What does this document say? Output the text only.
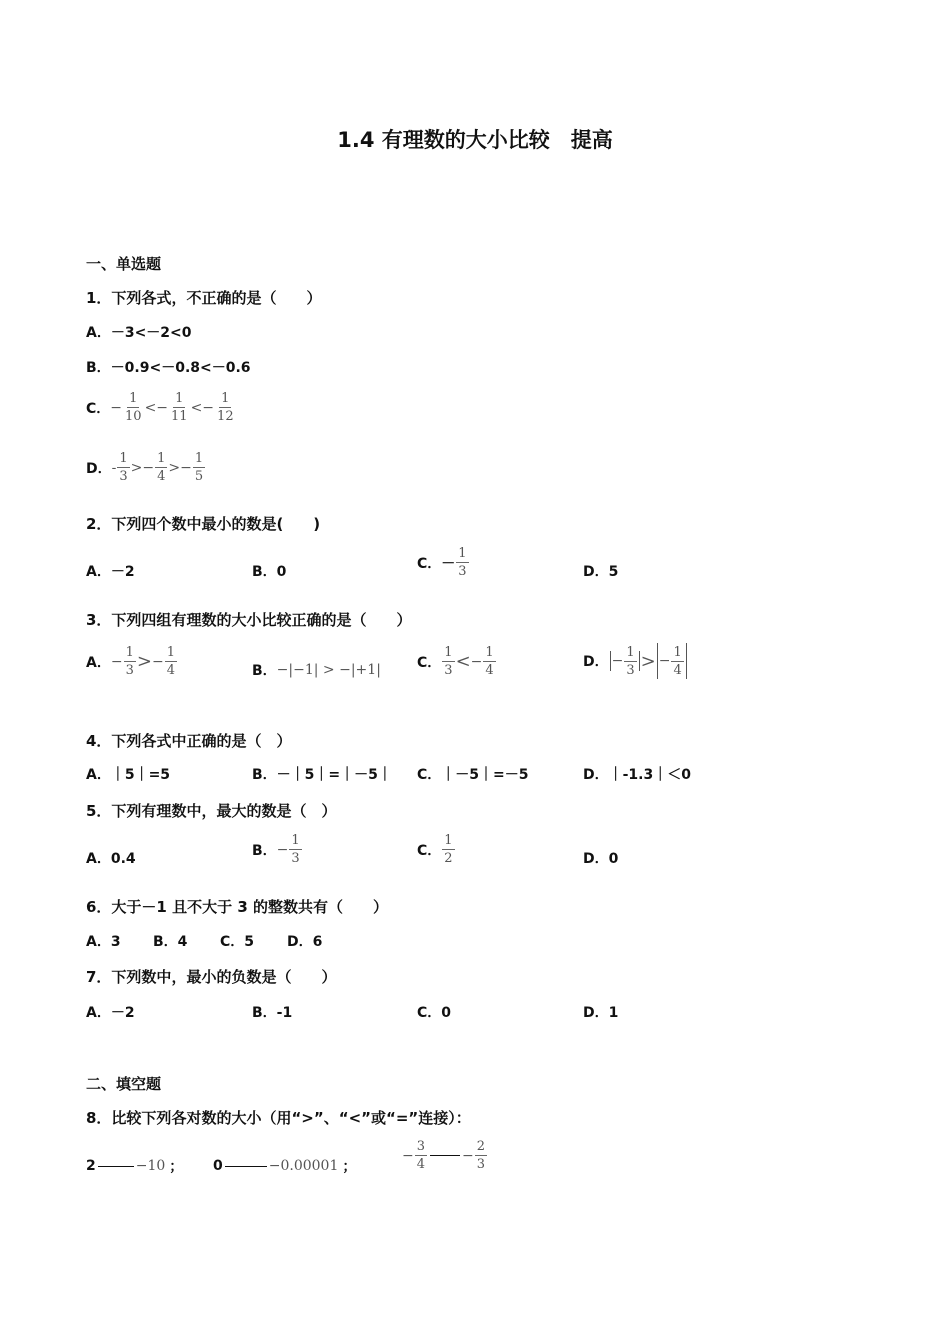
1.4 有理数的大小比较　提高
一、单选题
1．下列各式，不正确的是（　　）
A．－3<－2<0
B．－0.9<－0.8<－0.6
C． − $\frac{1}{10} <- \frac{1}{11} <- \frac{1}{12}$
D． - $\frac{1}{3} >- \frac{1}{4} >- \frac{1}{5}$
2．下列四个数中最小的数是(　　)
A．－2	B．0
C．－ $\frac{1}{3}$	D．5
3．下列四组有理数的大小比较正确的是（　　）
A． − $\frac{1}{3}$ > − $\frac{1}{4}$	B． −|−1| > −|+1|	C． $\frac{1}{3}$ < − $\frac{1}{4}$	D． − $\frac{1}{3}$ > − $\frac{1}{4}$
4．下列各式中正确的是（　）
A．｜5｜=5	B．－｜5｜=｜－5｜ C．｜－5｜=－5	D．｜-1.3｜＜0
5．下列有理数中，最大的数是（　）
A．0.4
B． − $\frac{1}{3}$	C． $\frac{1}{2}$	D．0
6．大于－1 且不大于 3 的整数共有（　　）
A．3 B．4 C．5 D．6
7．下列数中，最小的负数是（　　）
A．－2	B．-1	C．0	D．1
二、填空题
8．比较下列各对数的大小（用“>”、“<”或“=”连接）：
2	−10 ； 0	−0.00001 ；
− $\frac{3}{4}$	− $\frac{2}{3}$
